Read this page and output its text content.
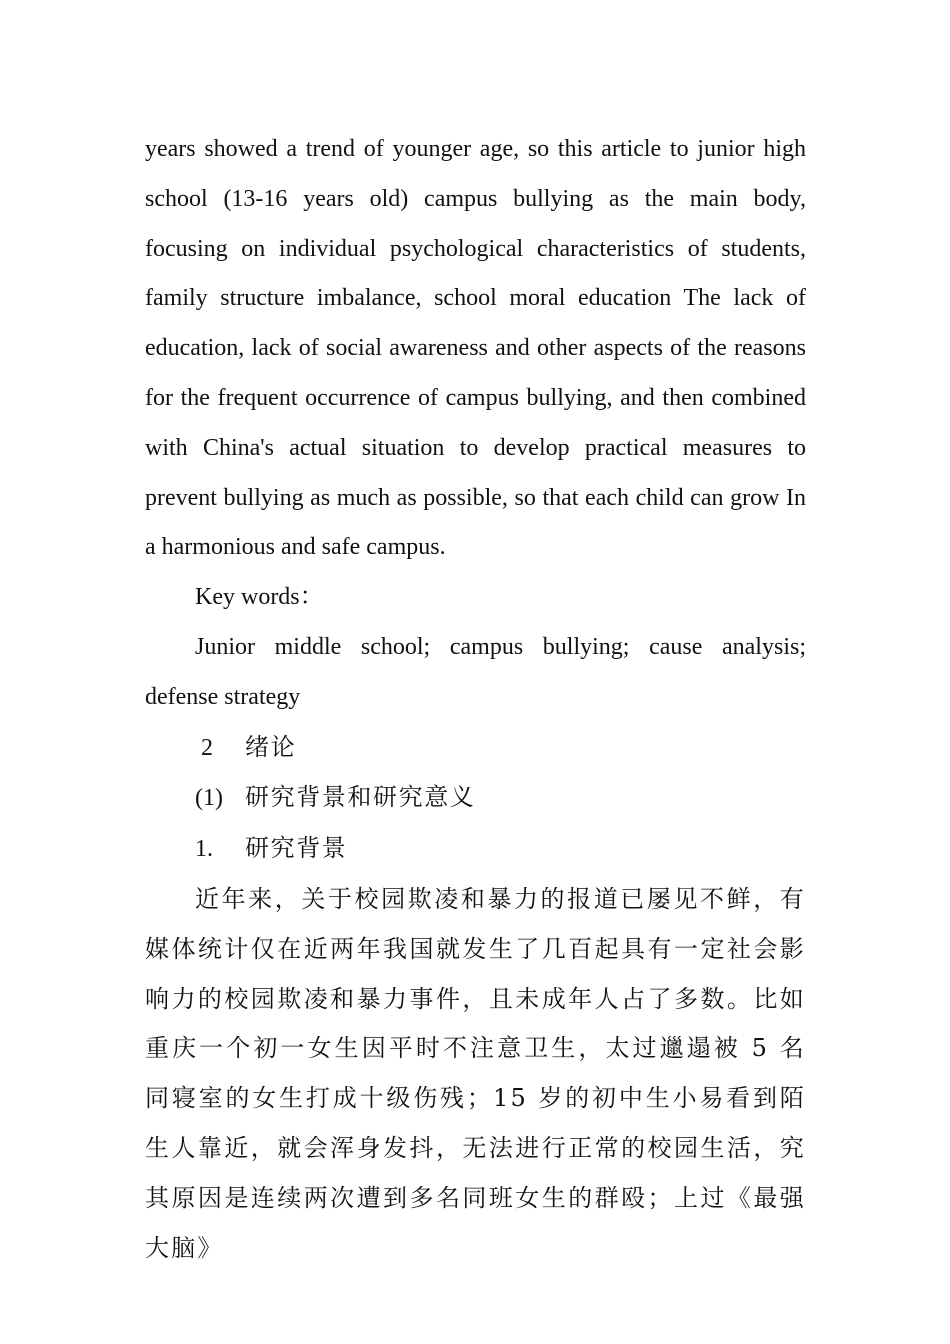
years showed a trend of younger age, so this article to junior high school (13-16 years old) campus bullying as the main body, focusing on individual psychological characteristics of students, family structure imbalance, school moral education The lack of education, lack of social awareness and other aspects of the reasons for the frequent occurrence of campus bullying, and then combined with China's actual situation to develop practical measures to prevent bullying as much as possible, so that each child can grow In a harmonious and safe campus.

Key words：

Junior middle school; campus bullying; cause analysis;

defense strategy

2	绪论
(1) 研究背景和研究意义
1.	研究背景

近年来，关于校园欺凌和暴力的报道已屡见不鲜，有媒体统计仅在近两年我国就发生了几百起具有一定社会影响力的校园欺凌和暴力事件，且未成年人占了多数。比如重庆一个初一女生因平时不注意卫生，太过邋遢被 5 名同寝室的女生打成十级伤残；15 岁的初中生小易看到陌生人靠近，就会浑身发抖，无法进行正常的校园生活，究其原因是连续两次遭到多名同班女生的群殴；上过《最强大脑》
